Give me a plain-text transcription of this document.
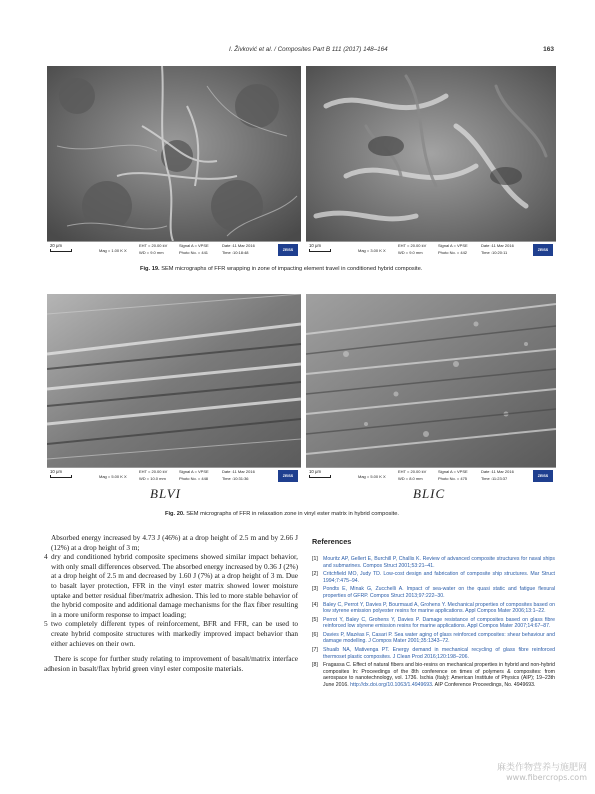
I. Živković et al. / Composites Part B 111 (2017) 148–164	163
20 μm
Mag = 1.00 K X
EHT = 20.00 kV
WD = 9.0 mm
Signal A = VPSE
Photo No. = 441
Date :11 Mar 2016
Time :10:18:48	ZEISS
10 μm
Mag = 3.00 K X
EHT = 20.00 kV
WD = 9.0 mm
Signal A = VPSE
Photo No. = 442
Date :11 Mar 2016
Time :10:20:11	ZEISS
Fig. 19. SEM micrographs of FFR wrapping in zone of impacting element travel in conditioned hybrid composite.
10 μm
Mag = 5.00 K X
EHT = 20.00 kV
WD = 10.0 mm
Signal A = VPSE
Photo No. = 448
Date :11 Mar 2016
Time :10:31:36	ZEISS
10 μm
Mag = 5.00 K X
EHT = 20.00 kV
WD = 8.0 mm
Signal A = VPSE
Photo No. = 475
Date :11 Mar 2016
Time :11:23:37	ZEISS
BLVI	BLIC
Fig. 20. SEM micrographs of FFR in relaxation zone in vinyl ester matrix in hybrid composite.

Absorbed energy increased by 4.73 J (46%) at a drop height of 2.5 m and by 2.66 J (12%) at a drop height of 3 m;

4 dry and conditioned hybrid composite specimens showed similar impact behavior, with only small differences observed. The absorbed energy increased by 0.36 J (2%) at a drop height of 2.5 m and decreased by 1.60 J (7%) at a drop height of 3 m. Due to basalt layer protection, FFR in the vinyl ester matrix showed lower moisture uptake and better residual fiber/matrix adhesion. This led to more stable behavior of the hybrid composite and additional damage mechanisms for the flax fiber resulting in a more uniform response to impact loading;
5 two completely different types of reinforcement, BFR and FFR, can be used to create hybrid composite structures with markedly improved impact behavior than either achieves on their own.

There is scope for further study relating to improvement of basalt/matrix interface adhesion in basalt/flax hybrid green vinyl ester composite materials.

References
[1] Mouritz AP, Gellert E, Burchill P, Challis K. Review of advanced composite structures for naval ships and submarines. Compos Struct 2001;53:21–41.
[2] Critchfield MO, Judy TD. Low-cost design and fabrication of composite ship structures. Mar Struct 1994;7:475–94.
[3] Pondts E, Minak G, Zucchelli A. Impact of sea-water on the quasi static and fatigue flexural properties of GFRP. Compos Struct 2013;97:222–30.
[4] Baley C, Perrot Y, Davies P, Bourmaud A, Grohens Y. Mechanical properties of composites based on low styrene emission polyester resins for marine applications. Appl Compos Mater 2006;13:1–22.
[5] Perrot Y, Baley C, Grohens Y, Davies P. Damage resistance of composites based on glass fibre reinforced low styrene emission resins for marine applications. Appl Compos Mater 2007;14:67–87.
[6] Davies P, Mazéas F, Casari P. Sea water aging of glass reinforced composites: shear behaviour and damage modelling. J Compos Mater 2001;35:1343–72.
[7] Shuaib NA, Mativenga PT. Energy demand in mechanical recycling of glass fibre reinforced thermoset plastic composites. J Clean Prod 2016;120:198–206.
[8] Fragassa C. Effect of natural fibers and bio-resins on mechanical properties in hybrid and non-hybrid composites In: Proceedings of the 8th conference on times of polymers & composites: from aerospace to nanotechnology, vol. 1736. Ischia (Italy): American Institute of Physics (AIP); 19–23th June 2016. http://dx.doi.org/10.1063/1.4949693. AIP Conference Proceedings, No. 4949693.
麻类作物营养与施肥网
www.fibercrops.com
